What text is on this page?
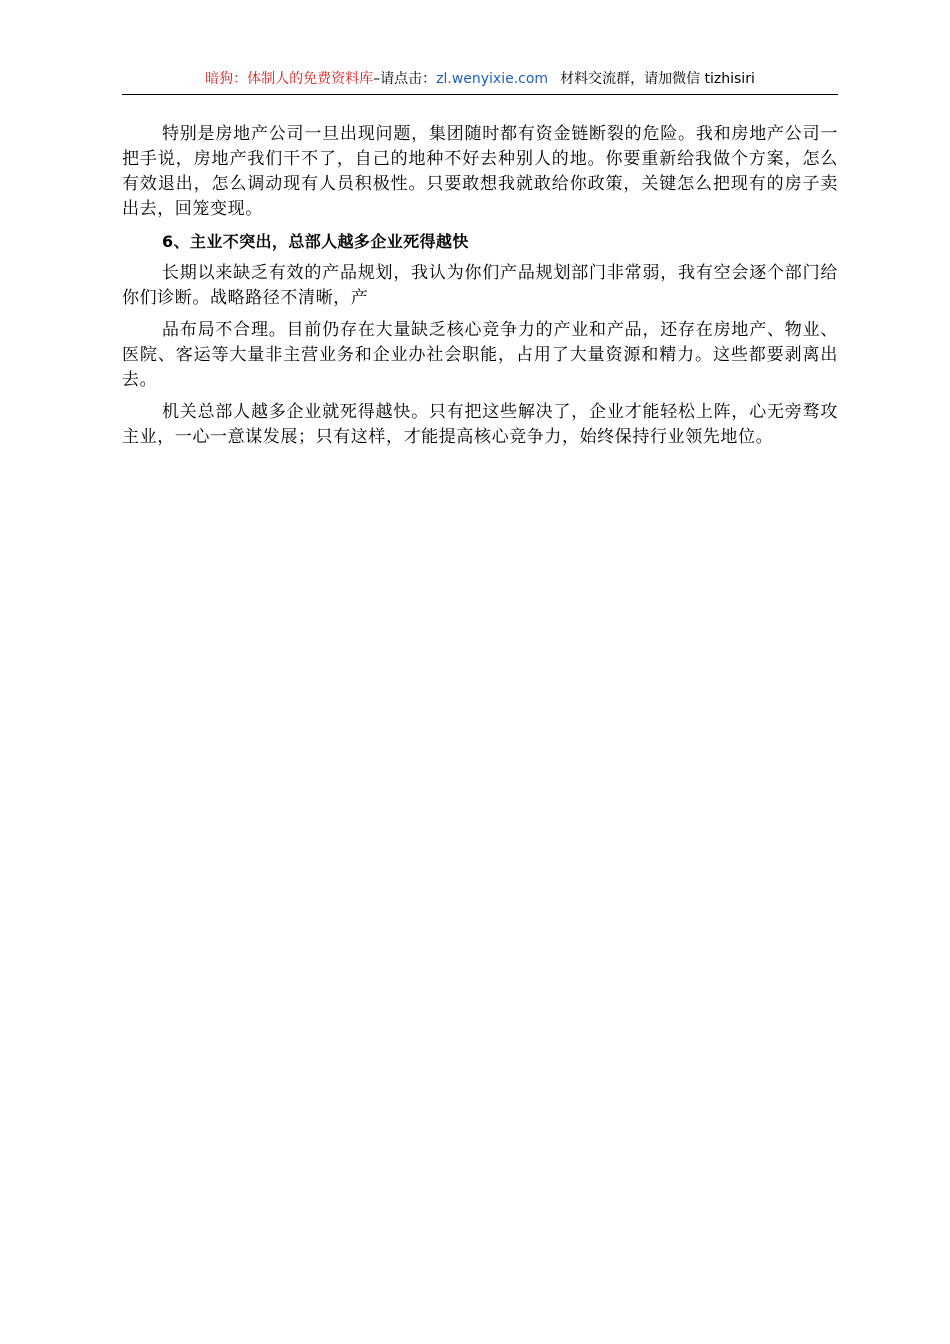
暗狗：体制人的免费资料库–请点击：zl.wenyixie.com 材料交流群，请加微信 tizhisiri

特别是房地产公司一旦出现问题，集团随时都有资金链断裂的危险。我和房地产公司一把手说，房地产我们干不了，自己的地种不好去种别人的地。你要重新给我做个方案，怎么有效退出，怎么调动现有人员积极性。只要敢想我就敢给你政策，关键怎么把现有的房子卖出去，回笼变现。

6、主业不突出，总部人越多企业死得越快

长期以来缺乏有效的产品规划，我认为你们产品规划部门非常弱，我有空会逐个部门给你们诊断。战略路径不清晰，产

品布局不合理。目前仍存在大量缺乏核心竞争力的产业和产品，还存在房地产、物业、医院、客运等大量非主营业务和企业办社会职能，占用了大量资源和精力。这些都要剥离出去。

机关总部人越多企业就死得越快。只有把这些解决了，企业才能轻松上阵，心无旁骛攻主业，一心一意谋发展；只有这样，才能提高核心竞争力，始终保持行业领先地位。
